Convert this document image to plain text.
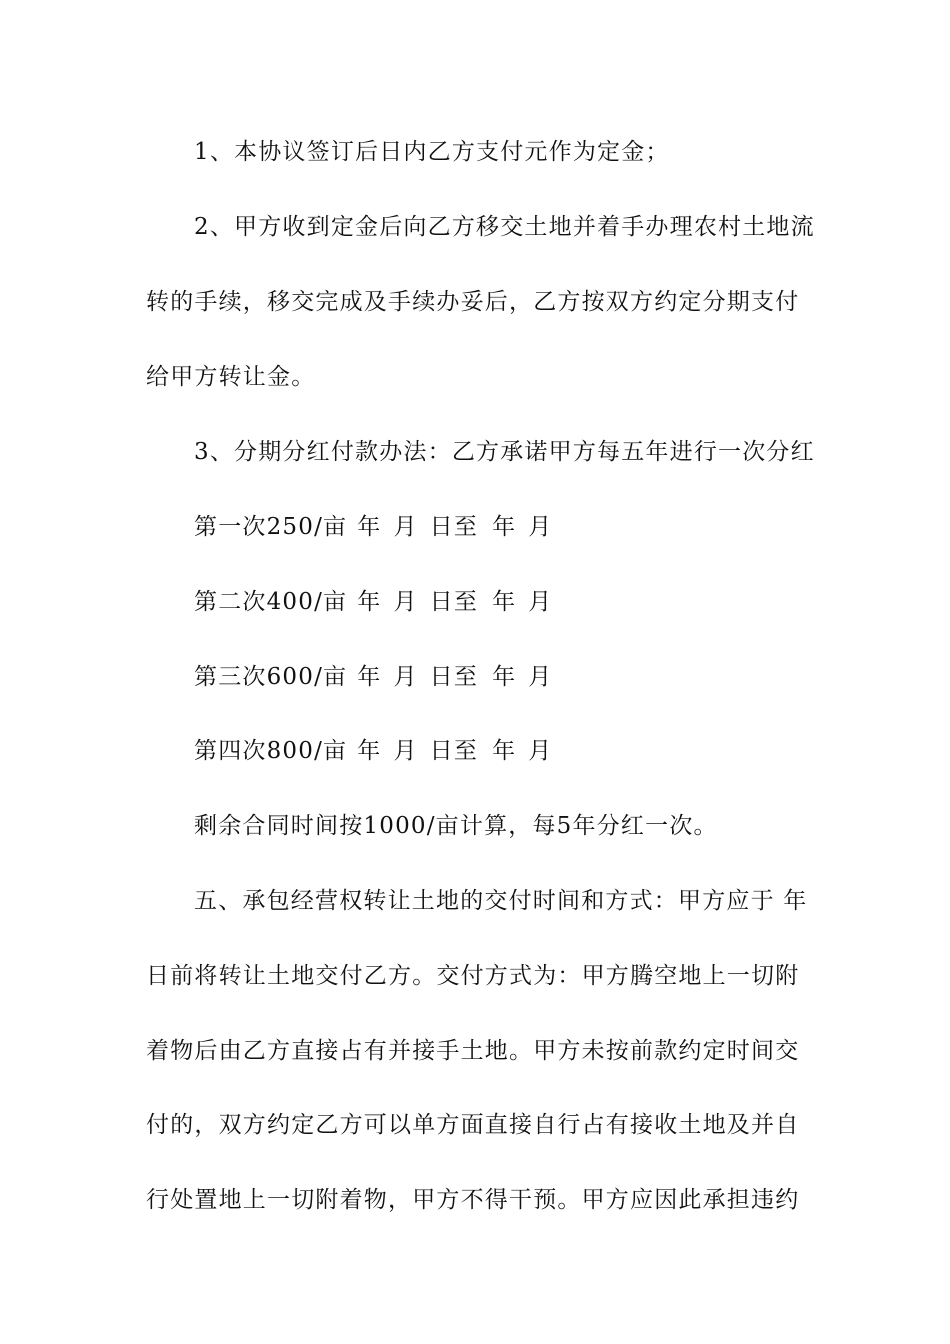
1、本协议签订后日内乙方支付元作为定金；
2、甲方收到定金后向乙方移交土地并着手办理农村土地流
转的手续，移交完成及手续办妥后，乙方按双方约定分期支付
给甲方转让金。
3、分期分红付款办法：乙方承诺甲方每五年进行一次分红
第一次250/亩 年 月 日至 年 月
第二次400/亩 年 月 日至 年 月
第三次600/亩 年 月 日至 年 月
第四次800/亩 年 月 日至 年 月
剩余合同时间按1000/亩计算，每5年分红一次。
五、承包经营权转让土地的交付时间和方式：甲方应于 年
日前将转让土地交付乙方。交付方式为：甲方腾空地上一切附
着物后由乙方直接占有并接手土地。甲方未按前款约定时间交
付的，双方约定乙方可以单方面直接自行占有接收土地及并自
行处置地上一切附着物，甲方不得干预。甲方应因此承担违约
